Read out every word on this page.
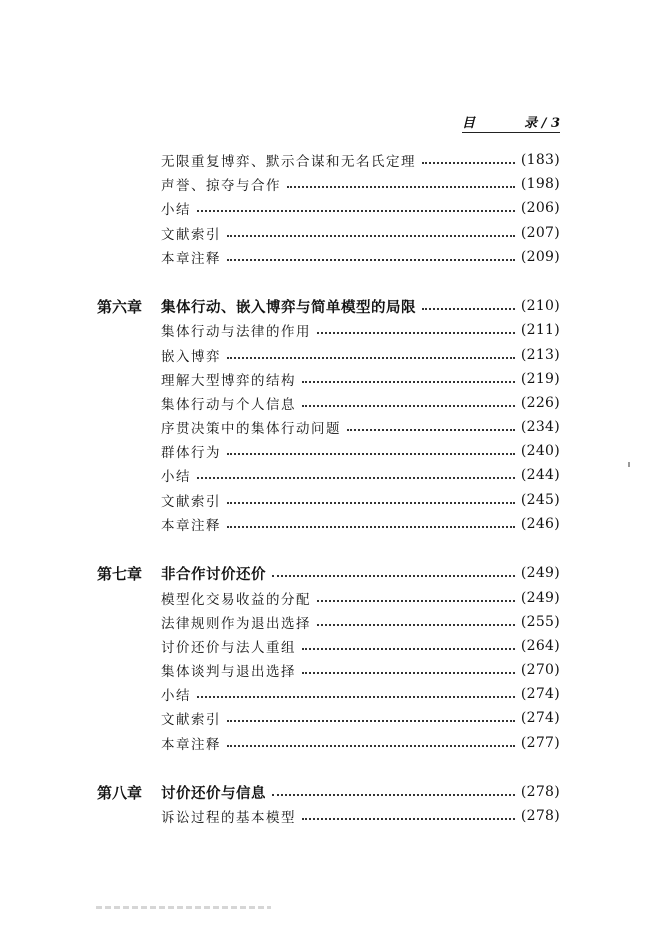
目	录 / 3
无限重复博弈、默示合谋和无名氏定理	(183)
声誉、掠夺与合作	(198)
小结	(206)
文献索引	(207)
本章注释	(209)
第六章	集体行动、嵌入博弈与简单模型的局限	(210)
集体行动与法律的作用	(211)
嵌入博弈	(213)
理解大型博弈的结构	(219)
集体行动与个人信息	(226)
序贯决策中的集体行动问题	(234)
群体行为	(240)
小结	(244)
文献索引	(245)
本章注释	(246)
第七章	非合作讨价还价	(249)
模型化交易收益的分配	(249)
法律规则作为退出选择	(255)
讨价还价与法人重组	(264)
集体谈判与退出选择	(270)
小结	(274)
文献索引	(274)
本章注释	(277)
第八章	讨价还价与信息	(278)
诉讼过程的基本模型	(278)
